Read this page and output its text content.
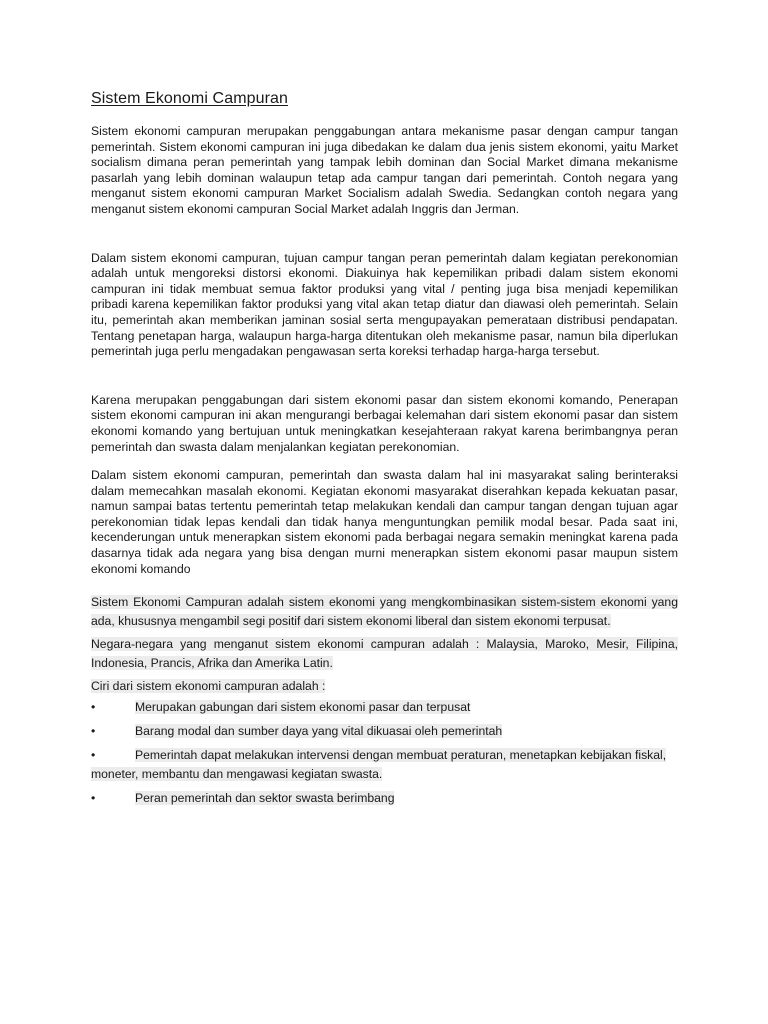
Sistem Ekonomi Campuran

Sistem ekonomi campuran merupakan penggabungan antara mekanisme pasar dengan campur tangan pemerintah. Sistem ekonomi campuran ini juga dibedakan ke dalam dua jenis sistem ekonomi, yaitu Market socialism dimana peran pemerintah yang tampak lebih dominan dan Social Market dimana mekanisme pasarlah yang lebih dominan walaupun tetap ada campur tangan dari pemerintah. Contoh negara yang menganut sistem ekonomi campuran Market Socialism adalah Swedia. Sedangkan contoh negara yang menganut sistem ekonomi campuran Social Market adalah Inggris dan Jerman.

Dalam sistem ekonomi campuran, tujuan campur tangan peran pemerintah dalam kegiatan perekonomian adalah untuk mengoreksi distorsi ekonomi. Diakuinya hak kepemilikan pribadi dalam sistem ekonomi campuran ini tidak membuat semua faktor produksi yang vital / penting juga bisa menjadi kepemilikan pribadi karena kepemilikan faktor produksi yang vital akan tetap diatur dan diawasi oleh pemerintah. Selain itu, pemerintah akan memberikan jaminan sosial serta mengupayakan pemerataan distribusi pendapatan. Tentang penetapan harga, walaupun harga-harga ditentukan oleh mekanisme pasar, namun bila diperlukan pemerintah juga perlu mengadakan pengawasan serta koreksi terhadap harga-harga tersebut.

Karena merupakan penggabungan dari sistem ekonomi pasar dan sistem ekonomi komando, Penerapan sistem ekonomi campuran ini akan mengurangi berbagai kelemahan dari sistem ekonomi pasar dan sistem ekonomi komando yang bertujuan untuk meningkatkan kesejahteraan rakyat karena berimbangnya peran pemerintah dan swasta dalam menjalankan kegiatan perekonomian.

Dalam sistem ekonomi campuran, pemerintah dan swasta dalam hal ini masyarakat saling berinteraksi dalam memecahkan masalah ekonomi. Kegiatan ekonomi masyarakat diserahkan kepada kekuatan pasar, namun sampai batas tertentu pemerintah tetap melakukan kendali dan campur tangan dengan tujuan agar perekonomian tidak lepas kendali dan tidak hanya menguntungkan pemilik modal besar. Pada saat ini, kecenderungan untuk menerapkan sistem ekonomi pada berbagai negara semakin meningkat karena pada dasarnya tidak ada negara yang bisa dengan murni menerapkan sistem ekonomi pasar maupun sistem ekonomi komando

Sistem Ekonomi Campuran adalah sistem ekonomi yang mengkombinasikan sistem-sistem ekonomi yang ada, khususnya mengambil segi positif dari sistem ekonomi liberal dan sistem ekonomi terpusat.

Negara-negara yang menganut sistem ekonomi campuran adalah : Malaysia, Maroko, Mesir, Filipina, Indonesia, Prancis, Afrika dan Amerika Latin.

Ciri dari sistem ekonomi campuran adalah :

•	Merupakan gabungan dari sistem ekonomi pasar dan terpusat
•	Barang modal dan sumber daya yang vital dikuasai oleh pemerintah
•	Pemerintah dapat melakukan intervensi dengan membuat peraturan, menetapkan kebijakan fiskal, moneter, membantu dan mengawasi kegiatan swasta.
•	Peran pemerintah dan sektor swasta berimbang
